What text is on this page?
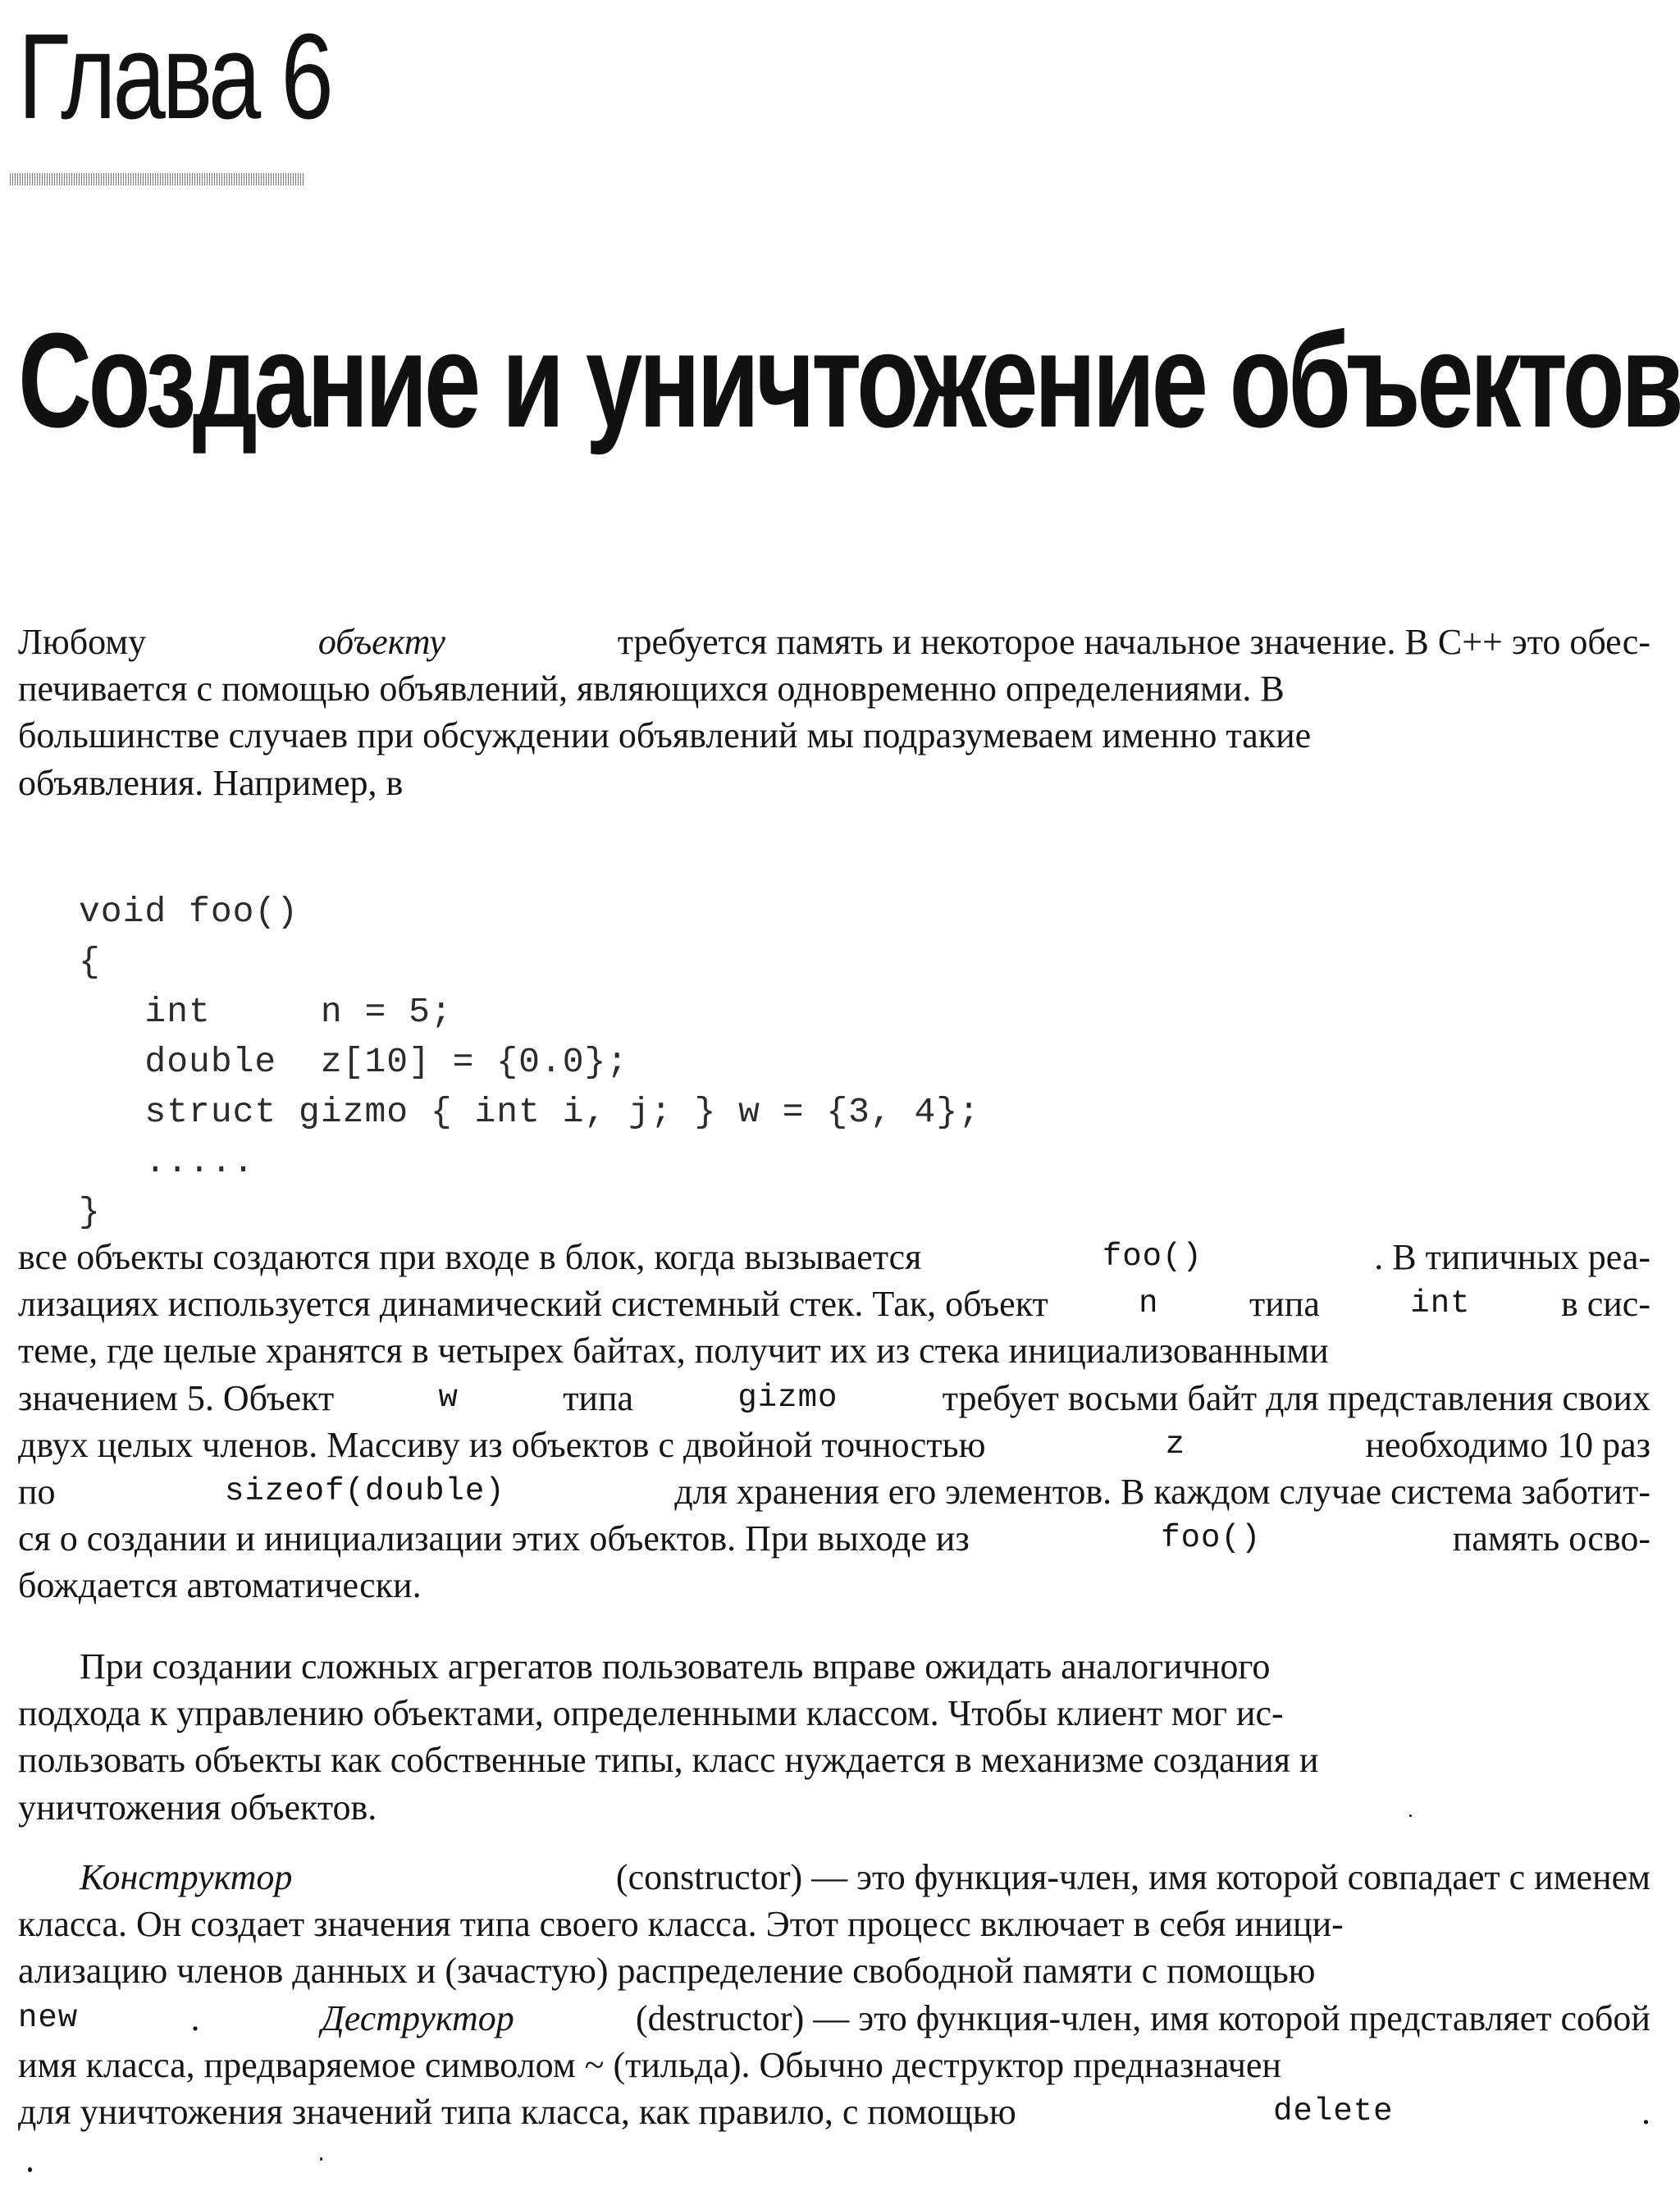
Глава 6
Создание и уничтожение объектов
Любому	объекту	требуется память и некоторое начальное значение. В С++ это обес-
печивается с помощью объявлений, являющихся одновременно определениями. В
большинстве случаев при обсуждении объявлений мы подразумеваем именно такие
объявления. Например, в
void foo()
{
int     n = 5;
double  z[10] = {0.0};
struct gizmo { int i, j; } w = {3, 4};
.....
}
все объекты создаются при входе в блок, когда вызывается	foo()	. В типичных реа-
лизациях используется динамический системный стек. Так, объект	n типа	int в сис-
теме, где целые хранятся в четырех байтах, получит их из стека инициализованными
значением 5. Объект	w	типа	gizmo	требует восьми байт для представления своих
двух целых членов. Массиву из объектов с двойной точностью	z	необходимо 10 раз
по	sizeof(double)	для хранения его элементов. В каждом случае система заботит-
ся о создании и инициализации этих объектов. При выходе из	foo()	память осво-
бождается автоматически.
При создании сложных агрегатов пользователь вправе ожидать аналогичного
подхода к управлению объектами, определенными классом. Чтобы клиент мог ис-
пользовать объекты как собственные типы, класс нуждается в механизме создания и
уничтожения объектов.
Конструктор	(constructor) — это функция-член, имя которой совпадает с именем
класса. Он создает значения типа своего класса. Этот процесс включает в себя иници-
ализацию членов данных и (зачастую) распределение свободной памяти с помощью
new	.	Деструктор	(destructor) — это функция-член, имя которой представляет собой
имя класса, предваряемое символом ~ (тильда). Обычно деструктор предназначен
для уничтожения значений типа класса, как правило, с помощью	delete	.
